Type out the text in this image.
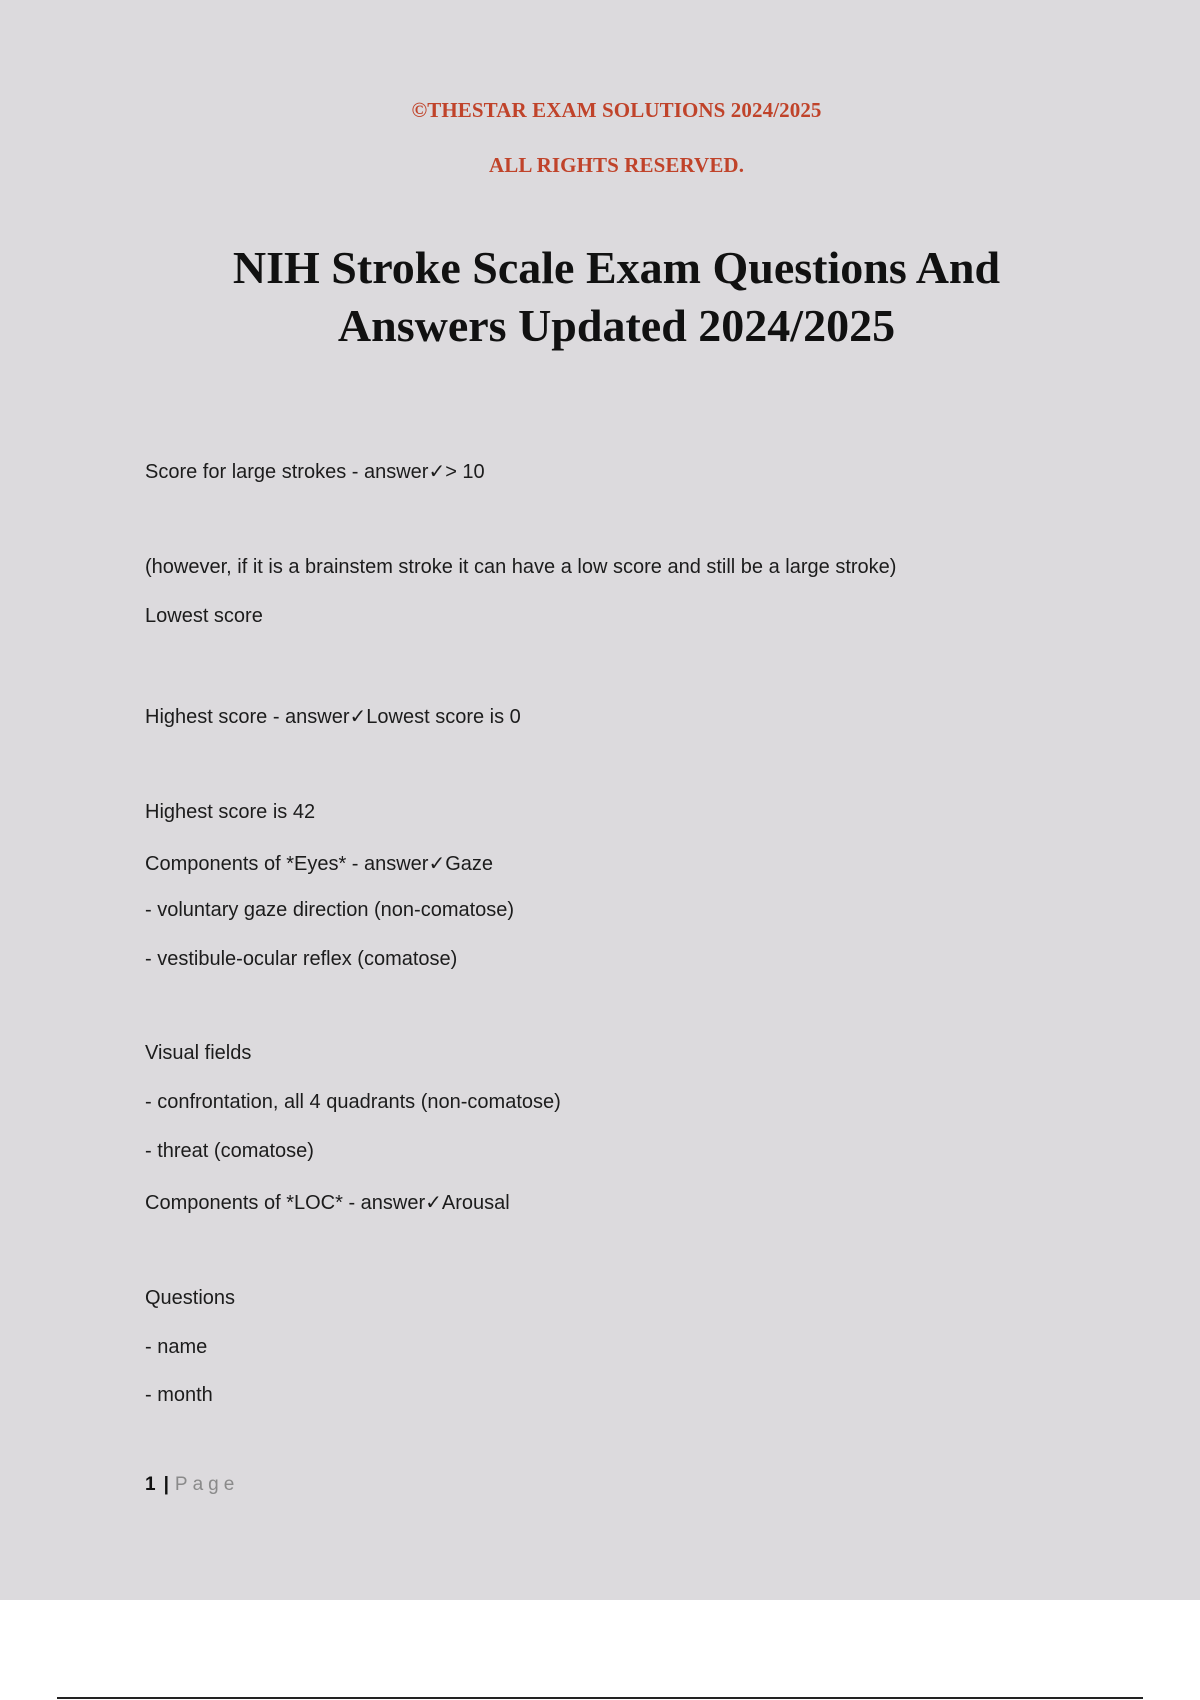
©THESTAR EXAM SOLUTIONS 2024/2025
ALL RIGHTS RESERVED.
NIH Stroke Scale Exam Questions And
Answers Updated 2024/2025
Score for large strokes - answer✓> 10
(however, if it is a brainstem stroke it can have a low score and still be a large stroke)
Lowest score
Highest score - answer✓Lowest score is 0
Highest score is 42
Components of *Eyes* - answer✓Gaze
- voluntary gaze direction (non-comatose)
- vestibule-ocular reflex (comatose)
Visual fields
- confrontation, all 4 quadrants (non-comatose)
- threat (comatose)
Components of *LOC* - answer✓Arousal
Questions
- name
- month
1 | Page
